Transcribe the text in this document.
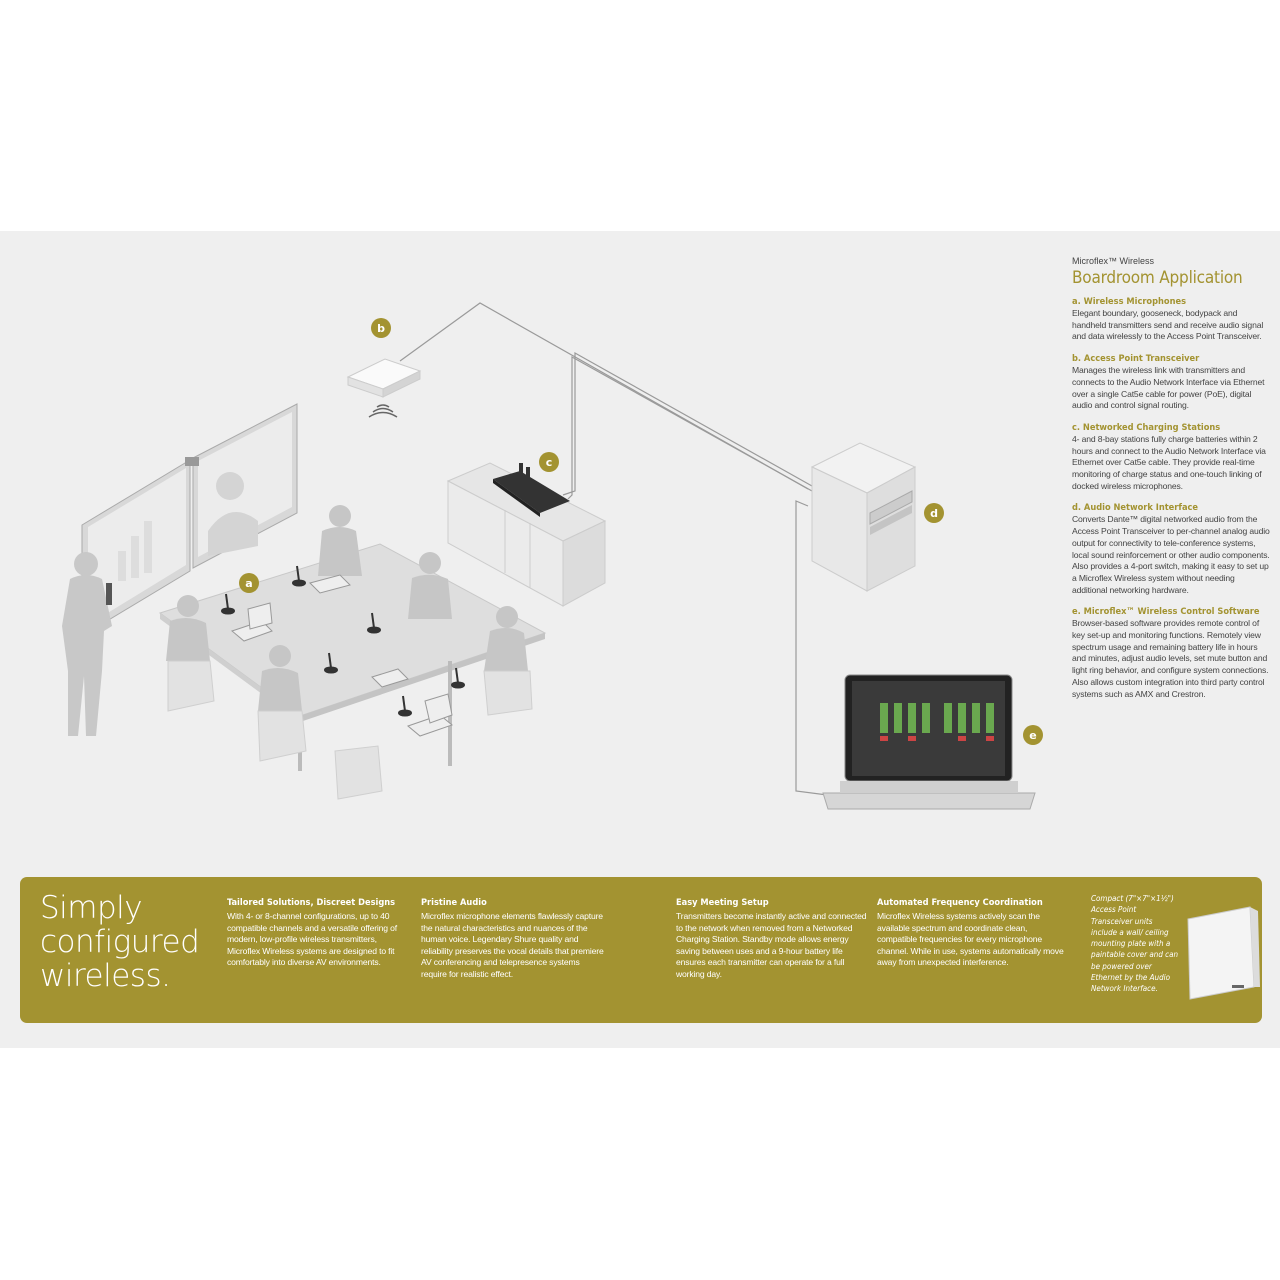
a
b
c
d
e
Microflex™ Wireless
Boardroom Application
a. Wireless Microphones
Elegant boundary, gooseneck, bodypack and handheld transmitters send and receive audio signal and data wirelessly to the Access Point Transceiver.
b. Access Point Transceiver
Manages the wireless link with transmitters and connects to the Audio Network Interface via Ethernet over a single Cat5e cable for power (PoE), digital audio and control signal routing.
c. Networked Charging Stations
4- and 8-bay stations fully charge batteries within 2 hours and connect to the Audio Network Interface via Ethernet over Cat5e cable. They provide real-time monitoring of charge status and one-touch linking of docked wireless microphones.
d. Audio Network Interface
Converts Dante™ digital networked audio from the Access Point Transceiver to per-channel analog audio output for connectivity to tele-conference systems, local sound reinforcement or other audio components. Also provides a 4-port switch, making it easy to set up a Microflex Wireless system without needing additional networking hardware.
e. Microflex™ Wireless Control Software
Browser-based software provides remote control of key set-up and monitoring functions. Remotely view spectrum usage and remaining battery life in hours and minutes, adjust audio levels, set mute button and light ring behavior, and configure system connections. Also allows custom integration into third party control systems such as AMX and Crestron.
Simply configured wireless.
Tailored Solutions, Discreet Designs
With 4- or 8-channel configurations, up to 40 compatible channels and a versatile offering of modern, low-profile wireless transmitters, Microflex Wireless systems are designed to fit comfortably into diverse AV environments.
Pristine Audio
Microflex microphone elements flawlessly capture the natural characteristics and nuances of the human voice. Legendary Shure quality and reliability preserves the vocal details that premiere AV conferencing and telepresence systems require for realistic effect.
Easy Meeting Setup
Transmitters become instantly active and connected to the network when removed from a Networked Charging Station. Standby mode allows energy saving between uses and a 9-hour battery life ensures each transmitter can operate for a full working day.
Automated Frequency Coordination
Microflex Wireless systems actively scan the available spectrum and coordinate clean, compatible frequencies for every microphone channel. While in use, systems automatically move away from unexpected interference.
Compact (7"×7"×1½") Access Point Transceiver units include a wall/ ceiling mounting plate with a paintable cover and can be powered over Ethernet by the Audio Network Interface.
